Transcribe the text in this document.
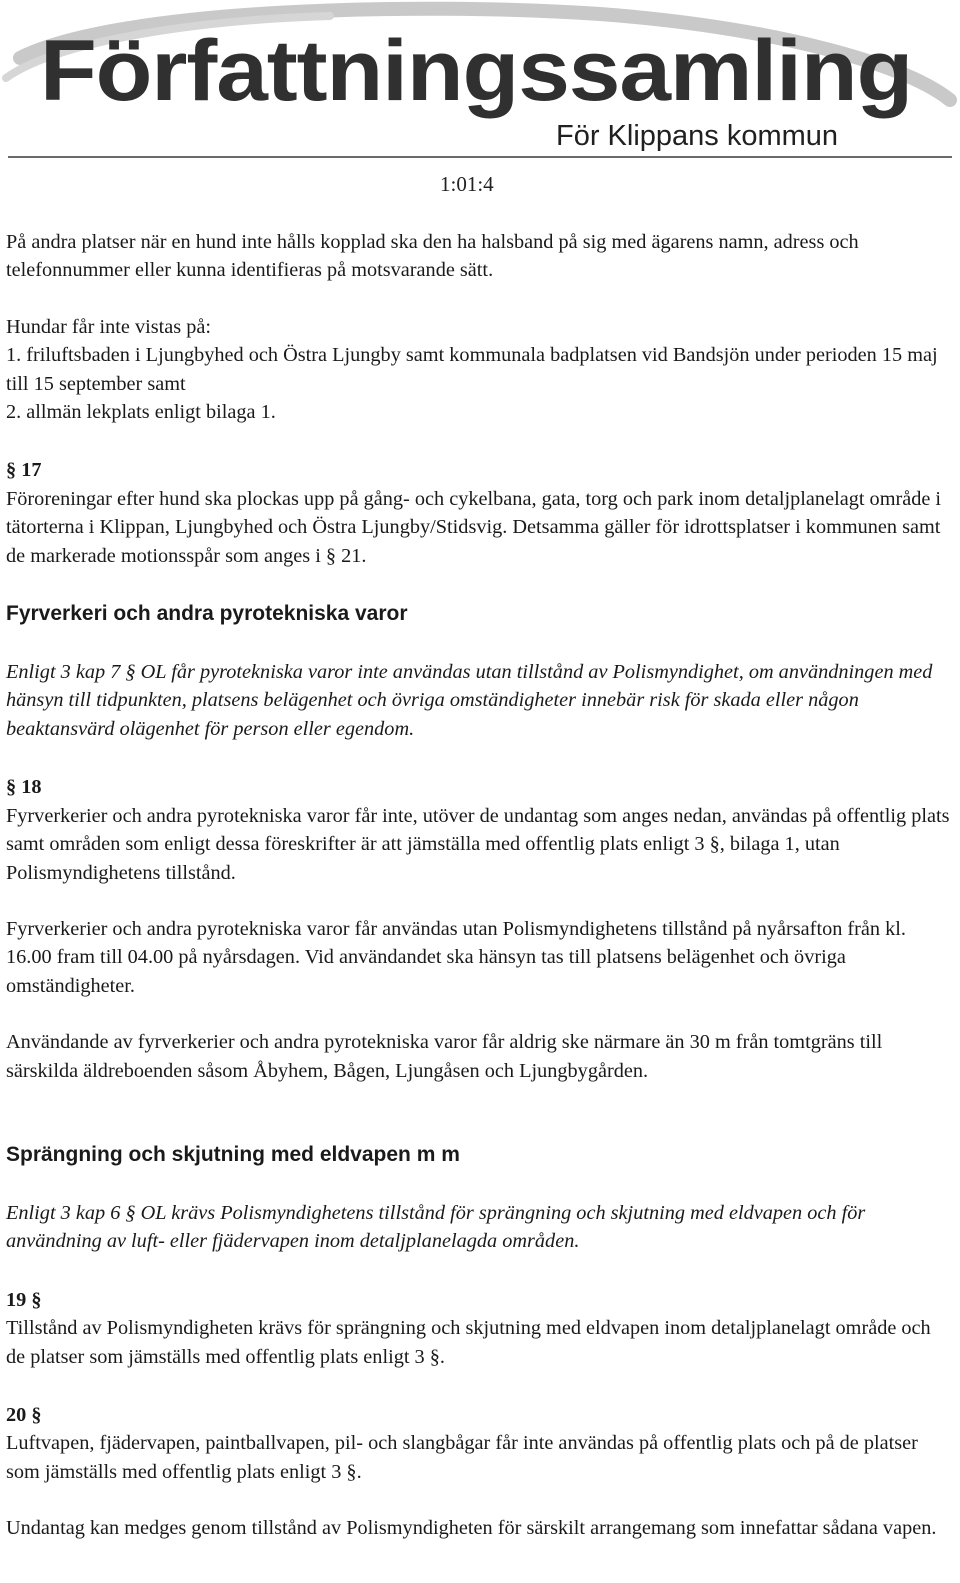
Författningssamling
För Klippans kommun
1:01:4

På andra platser när en hund inte hålls kopplad ska den ha halsband på sig med ägarens namn, adress och telefonnummer eller kunna identifieras på motsvarande sätt.

Hundar får inte vistas på:

1. friluftsbaden i Ljungbyhed och Östra Ljungby samt kommunala badplatsen vid Bandsjön under perioden 15 maj till 15 september samt

2. allmän lekplats enligt bilaga 1.

§ 17

Föroreningar efter hund ska plockas upp på gång- och cykelbana, gata, torg och park inom detaljplanelagt område i tätorterna i Klippan, Ljungbyhed och Östra Ljungby/Stidsvig. Detsamma gäller för idrottsplatser i kommunen samt de markerade motionsspår som anges i § 21.

Fyrverkeri och andra pyrotekniska varor

Enligt 3 kap 7 § OL får pyrotekniska varor inte användas utan tillstånd av Polismyndighet, om användningen med hänsyn till tidpunkten, platsens belägenhet och övriga omständigheter innebär risk för skada eller någon beaktansvärd olägenhet för person eller egendom.

§ 18

Fyrverkerier och andra pyrotekniska varor får inte, utöver de undantag som anges nedan, användas på offentlig plats samt områden som enligt dessa föreskrifter är att jämställa med offentlig plats enligt 3 §, bilaga 1, utan Polismyndighetens tillstånd.

Fyrverkerier och andra pyrotekniska varor får användas utan Polismyndighetens tillstånd på nyårsafton från kl. 16.00 fram till 04.00 på nyårsdagen. Vid användandet ska hänsyn tas till platsens belägenhet och övriga omständigheter.

Användande av fyrverkerier och andra pyrotekniska varor får aldrig ske närmare än 30 m från tomtgräns till särskilda äldreboenden såsom Åbyhem, Bågen, Ljungåsen och Ljungbygården.

Sprängning och skjutning med eldvapen m m

Enligt 3 kap 6 § OL krävs Polismyndighetens tillstånd för sprängning och skjutning med eldvapen och för användning av luft- eller fjädervapen inom detaljplanelagda områden.

19 §

Tillstånd av Polismyndigheten krävs för sprängning och skjutning med eldvapen inom detaljplanelagt område och de platser som jämställs med offentlig plats enligt 3 §.

20 §

Luftvapen, fjädervapen, paintballvapen, pil- och slangbågar får inte användas på offentlig plats och på de platser som jämställs med offentlig plats enligt 3 §.

Undantag kan medges genom tillstånd av Polismyndigheten för särskilt arrangemang som innefattar sådana vapen.
